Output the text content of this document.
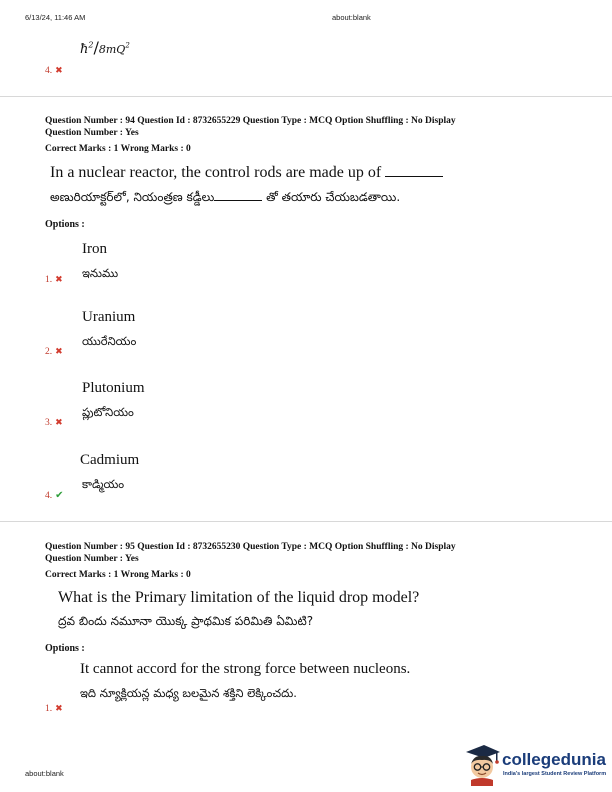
6/13/24, 11:46 AM	about:blank
$ħ^2/8mQ^2$
4. ✖
Question Number : 94 Question Id : 8732655229 Question Type : MCQ Option Shuffling : No Display
Question Number : Yes
Correct Marks : 1 Wrong Marks : 0
In a nuclear reactor, the control rods are made up of
అణురియాక్టర్‌లో, నియంత్రణ కడ్డీలు	తో తయారు చేయబడతాయి.
Options :
Iron
ఇనుము
1. ✖
Uranium
యురేనియం
2. ✖
Plutonium
ప్లుటోనియం
3. ✖
Cadmium
కాడ్మియం
4. ✔
Question Number : 95 Question Id : 8732655230 Question Type : MCQ Option Shuffling : No Display
Question Number : Yes
Correct Marks : 1 Wrong Marks : 0
What is the Primary limitation of the liquid drop model?
ద్రవ బిందు నమూనా యొక్క ప్రాథమిక పరిమితి ఏమిటి?
Options :
It cannot accord for the strong force between nucleons.
ఇది న్యూక్లియన్ల మధ్య బలమైన శక్తిని లెక్కించదు.
1. ✖
about:blank
collegedunia
India's largest Student Review Platform
